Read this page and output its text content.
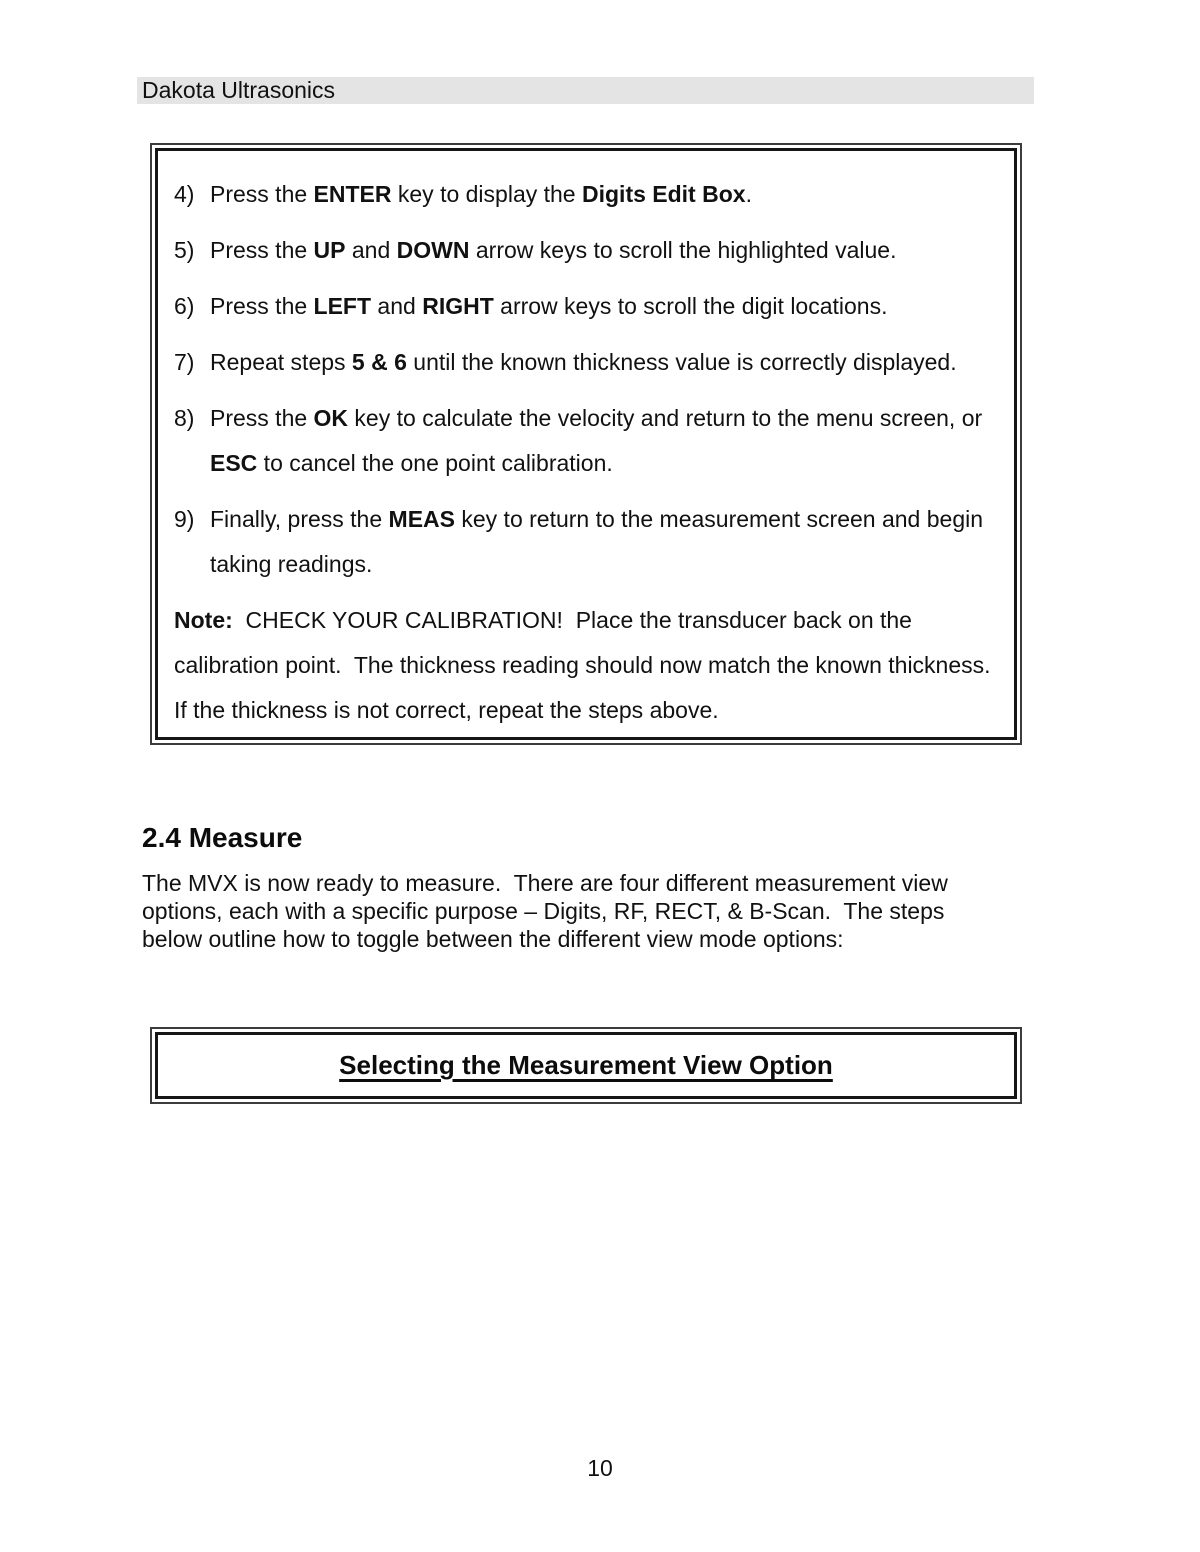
Dakota Ultrasonics
4) Press the ENTER key to display the Digits Edit Box.
5) Press the UP and DOWN arrow keys to scroll the highlighted value.
6) Press the LEFT and RIGHT arrow keys to scroll the digit locations.
7) Repeat steps 5 & 6 until the known thickness value is correctly displayed.
8) Press the OK key to calculate the velocity and return to the menu screen, or ESC to cancel the one point calibration.
9) Finally, press the MEAS key to return to the measurement screen and begin taking readings.
Note:  CHECK YOUR CALIBRATION!  Place the transducer back on the calibration point.  The thickness reading should now match the known thickness.  If the thickness is not correct, repeat the steps above.
2.4 Measure
The MVX is now ready to measure.  There are four different measurement view options, each with a specific purpose – Digits, RF, RECT, & B-Scan.  The steps below outline how to toggle between the different view mode options:
Selecting the Measurement View Option
10
